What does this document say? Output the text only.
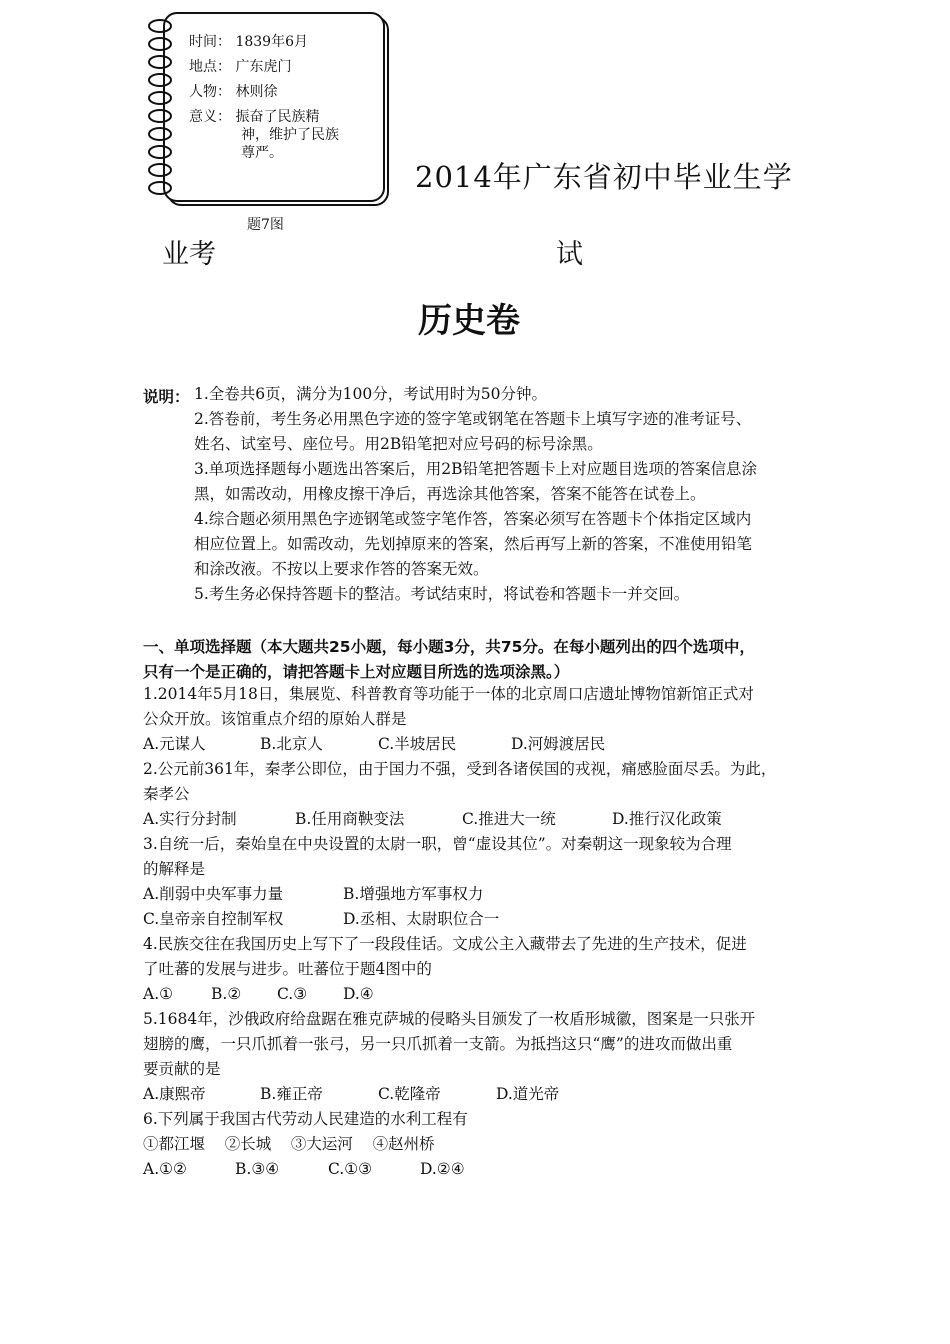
时间： 1839年6月
地点： 广东虎门
人物： 林则徐
意义： 振奋了民族精
神，维护了民族
尊严。
题7图
2014年广东省初中毕业生学
业考	试
历史卷
说明： 1.全卷共6页，满分为100分，考试用时为50分钟。
2.答卷前，考生务必用黑色字迹的签字笔或钢笔在答题卡上填写字迹的准考证号、
姓名、试室号、座位号。用2B铅笔把对应号码的标号涂黑。
3.单项选择题每小题选出答案后，用2B铅笔把答题卡上对应题目选项的答案信息涂
黑，如需改动，用橡皮擦干净后，再选涂其他答案，答案不能答在试卷上。
4.综合题必须用黑色字迹钢笔或签字笔作答，答案必须写在答题卡个体指定区域内
相应位置上。如需改动，先划掉原来的答案，然后再写上新的答案，不准使用铅笔
和涂改液。不按以上要求作答的答案无效。
5.考生务必保持答题卡的整洁。考试结束时，将试卷和答题卡一并交回。
一、单项选择题（本大题共25小题，每小题3分，共75分。在每小题列出的四个选项中，
只有一个是正确的，请把答题卡上对应题目所选的选项涂黑。）
1.2014年5月18日，集展览、科普教育等功能于一体的北京周口店遗址博物馆新馆正式对
公众开放。该馆重点介绍的原始人群是
A.元谋人	B.北京人	C.半坡居民	D.河姆渡居民
2.公元前361年，秦孝公即位，由于国力不强，受到各诸侯国的戎视，痛感脸面尽丢。为此，
秦孝公
A.实行分封制	B.任用商鞅变法	C.推进大一统	D.推行汉化政策
3.自统一后，秦始皇在中央设置的太尉一职，曾“虚设其位”。对秦朝这一现象较为合理
的解释是
A.削弱中央军事力量	B.增强地方军事权力
C.皇帝亲自控制军权	D.丞相、太尉职位合一
4.民族交往在我国历史上写下了一段段佳话。文成公主入藏带去了先进的生产技术，促进
了吐蕃的发展与进步。吐蕃位于题4图中的
A.① B.② C.③ D.④
5.1684年，沙俄政府给盘踞在雅克萨城的侵略头目颁发了一枚盾形城徽，图案是一只张开
翅膀的鹰，一只爪抓着一张弓，另一只爪抓着一支箭。为抵挡这只“鹰”的进攻而做出重
要贡献的是
A.康熙帝	B.雍正帝	C.乾隆帝	D.道光帝
6.下列属于我国古代劳动人民建造的水利工程有
①都江堰    ②长城    ③大运河    ④赵州桥
A.①②	B.③④	C.①③	D.②④
